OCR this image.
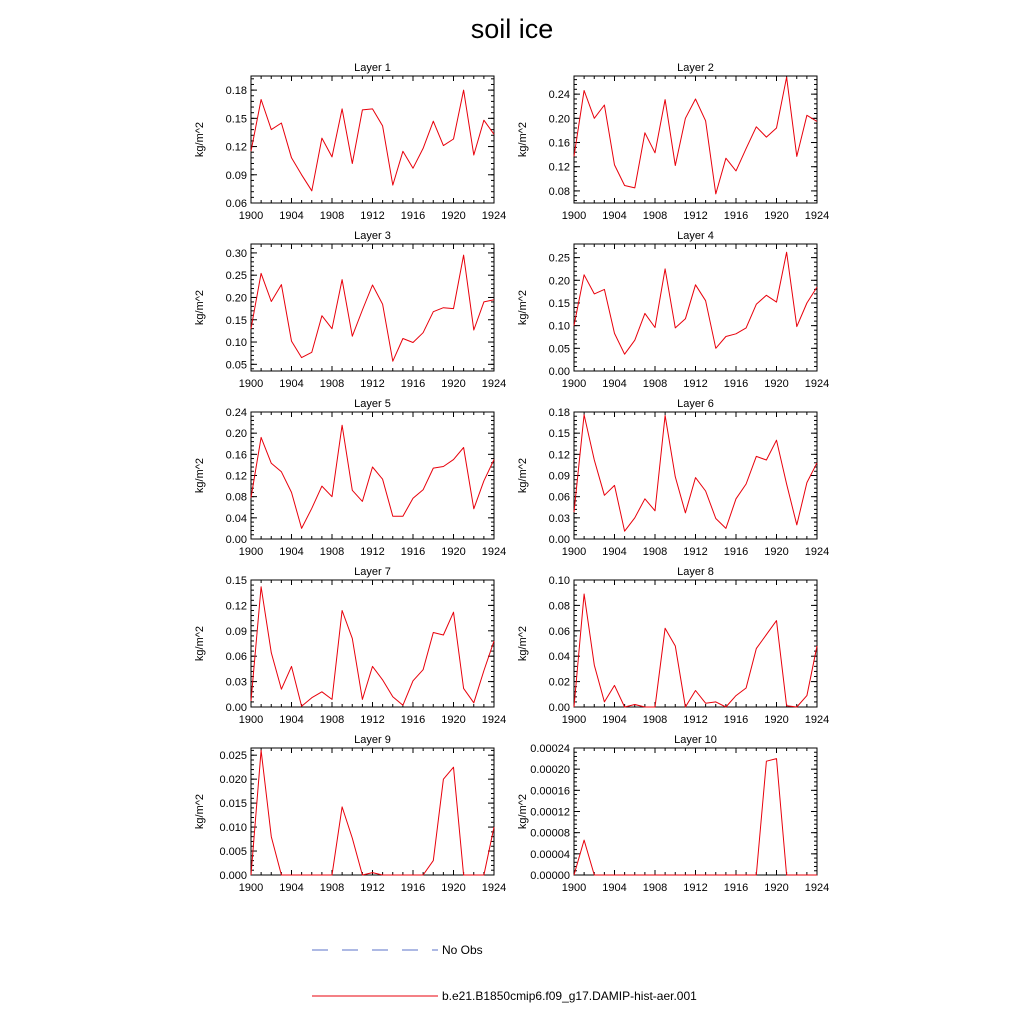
soil ice
Layer 1
kg/m^2
1900 1904 1908 1912 1916 1920 1924
0.06
0.09
0.12
0.15
0.18
Layer 2
kg/m^2
1900 1904 1908 1912 1916 1920 1924
0.08
0.12
0.16
0.20
0.24
Layer 3
kg/m^2
1900 1904 1908 1912 1916 1920 1924
0.05
0.10
0.15
0.20
0.25
0.30
Layer 4
kg/m^2
1900 1904 1908 1912 1916 1920 1924
0.00
0.05
0.10
0.15
0.20
0.25
Layer 5
kg/m^2
1900 1904 1908 1912 1916 1920 1924
0.00
0.04
0.08
0.12
0.16
0.20
0.24
Layer 6
kg/m^2
1900 1904 1908 1912 1916 1920 1924
0.00
0.03
0.06
0.09
0.12
0.15
0.18
Layer 7
kg/m^2
1900 1904 1908 1912 1916 1920 1924
0.00
0.03
0.06
0.09
0.12
0.15
Layer 8
kg/m^2
1900 1904 1908 1912 1916 1920 1924
0.00
0.02
0.04
0.06
0.08
0.10
Layer 9
kg/m^2
1900 1904 1908 1912 1916 1920 1924
0.000
0.005
0.010
0.015
0.020
0.025
Layer 10
kg/m^2
1900 1904 1908 1912 1916 1920 1924
0.00000
0.00004
0.00008
0.00012
0.00016
0.00020
0.00024
No Obs
b.e21.B1850cmip6.f09_g17.DAMIP-hist-aer.001
